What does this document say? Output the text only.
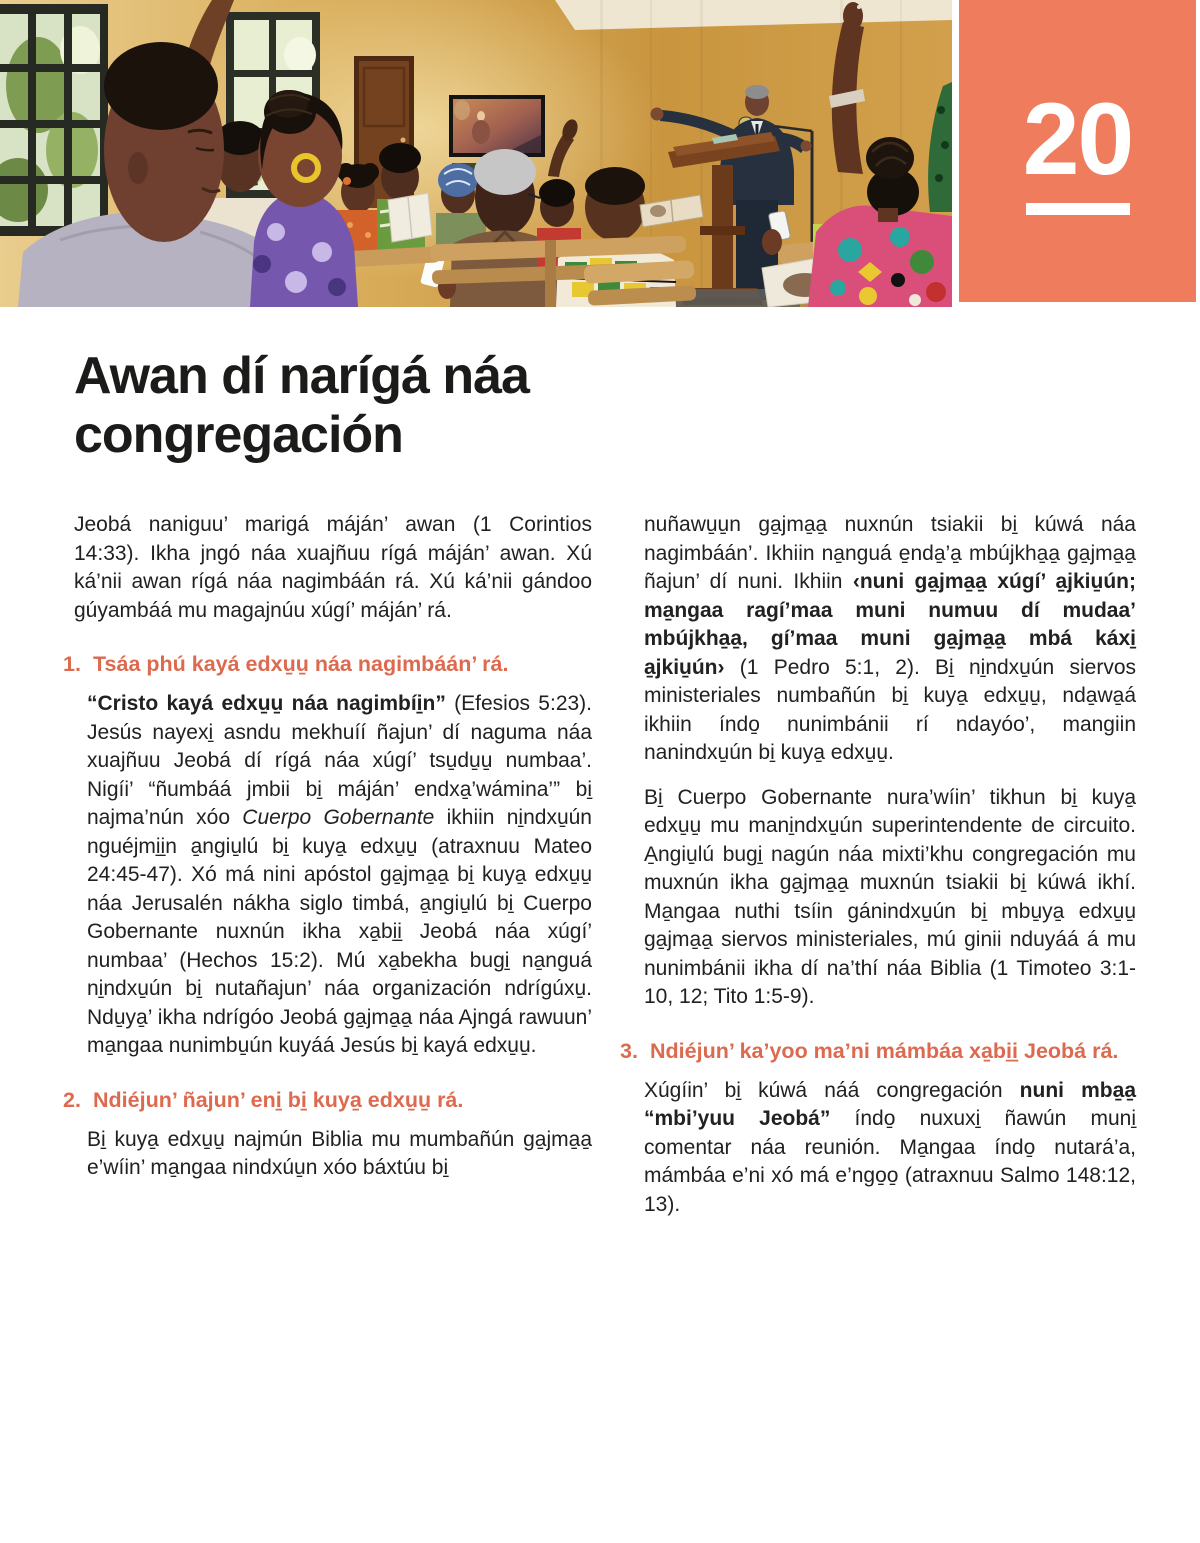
20
Awan dí narígá náa congregación

Jeobá naniguu’ marigá máján’ awan (1 Corintios 14:33). Ikha jngó náa xuajñuu rígá máján’ awan. Xú ká’nii awan rígá náa nagimbáán rá. Xú ká’nii gándoo gúyambáá mu magajnúu xúgí’ máján’ rá.

1. Tsáa phú kayá edxu̱u̱ náa nagimbáán’ rá.

“Cristo kayá edxu̱u̱ náa nagimbíi̱n” (Efesios 5:23). Jesús nayexi̱ asndu mekhuíí ñajun’ dí naguma náa xuajñuu Jeobá dí rígá náa xúgí’ tsu̱du̱u̱ numbaa’. Nigíi’ “ñumbáá jmbii bi̱ máján’ endxa̱’wámina’” bi̱ najma’nún xóo Cuerpo Gobernante ikhiin ni̱ndxu̱ún nguéjmi̱i̱n a̱ngiu̱lú bi̱ kuya̱ edxu̱u̱ (atraxnuu Mateo 24:45-47). Xó má nini apóstol ga̱jma̱a̱ bi̱ kuya̱ edxu̱u̱ náa Jerusalén nákha siglo timbá, a̱ngiu̱lú bi̱ Cuerpo Gobernante nuxnún ikha xa̱bi̱i̱ Jeobá náa xúgí’ numbaa’ (Hechos 15:2). Mú xa̱bekha bugi̱ na̱nguá ni̱ndxu̱ún bi̱ nutañajun’ náa organización ndrígúxu̱. Ndu̱ya̱’ ikha ndrígóo Jeobá ga̱jma̱a̱ náa Ajngá rawuun’ ma̱ngaa nunimbu̱ún kuyáá Jesús bi̱ kayá edxu̱u̱.

2. Ndiéjun’ ñajun’ eni̱ bi̱ kuya̱ edxu̱u̱ rá.

Bi̱ kuya̱ edxu̱u̱ najmún Biblia mu mumbañún ga̱jma̱a̱ e’wíin’ ma̱ngaa nindxúu̱n xóo báxtúu bi̱

nuñawu̱u̱n ga̱jma̱a̱ nuxnún tsiakii bi̱ kúwá náa nagimbáán’. Ikhiin na̱nguá e̱nda̱’a̱ mbújkha̱a̱ ga̱jma̱a̱ ñajun’ dí nuni. Ikhiin ‹nuni ga̱jma̱a̱ xúgí’ a̱jkiu̱ún; ma̱ngaa ragí’maa muni numuu dí mudaa’ mbújkha̱a̱, gí’maa muni ga̱jma̱a̱ mbá káxi̱ a̱jkiu̱ún› (1 Pedro 5:1, 2). Bi̱ ni̱ndxu̱ún siervos ministeriales numbañún bi̱ kuya̱ edxu̱u̱, nda̱wa̱á ikhiin índo̱ nunimbánii rí ndayóo’, mangiin nanindxu̱ún bi̱ kuya̱ edxu̱u̱.

Bi̱ Cuerpo Gobernante nura’wíin’ tikhun bi̱ kuya̱ edxu̱u̱ mu mani̱ndxu̱ún superintendente de circuito. A̱ngiu̱lú bugi̱ nagún náa mixti’khu congregación mu muxnún ikha ga̱jma̱a̱ muxnún tsiakii bi̱ kúwá ikhí. Ma̱ngaa nuthi tsíin gánindxu̱ún bi̱ mbu̱ya̱ edxu̱u̱ ga̱jma̱a̱ siervos ministeriales, mú ginii nduyáá á mu nunimbánii ikha dí na’thí náa Biblia (1 Timoteo 3:1-10, 12; Tito 1:5-9).

3. Ndiéjun’ ka’yoo ma’ni mámbáa xa̱bi̱i̱ Jeobá rá.

Xúgíin’ bi̱ kúwá náá congregación nuni mba̱a̱ “mbi’yuu Jeobá” índo̱ nuxuxi̱ ñawún muni̱ comentar náa reunión. Ma̱ngaa índo̱ nutará’a, mámbáa e’ni xó má e’ngo̱o̱ (atraxnuu Salmo 148:12, 13).
